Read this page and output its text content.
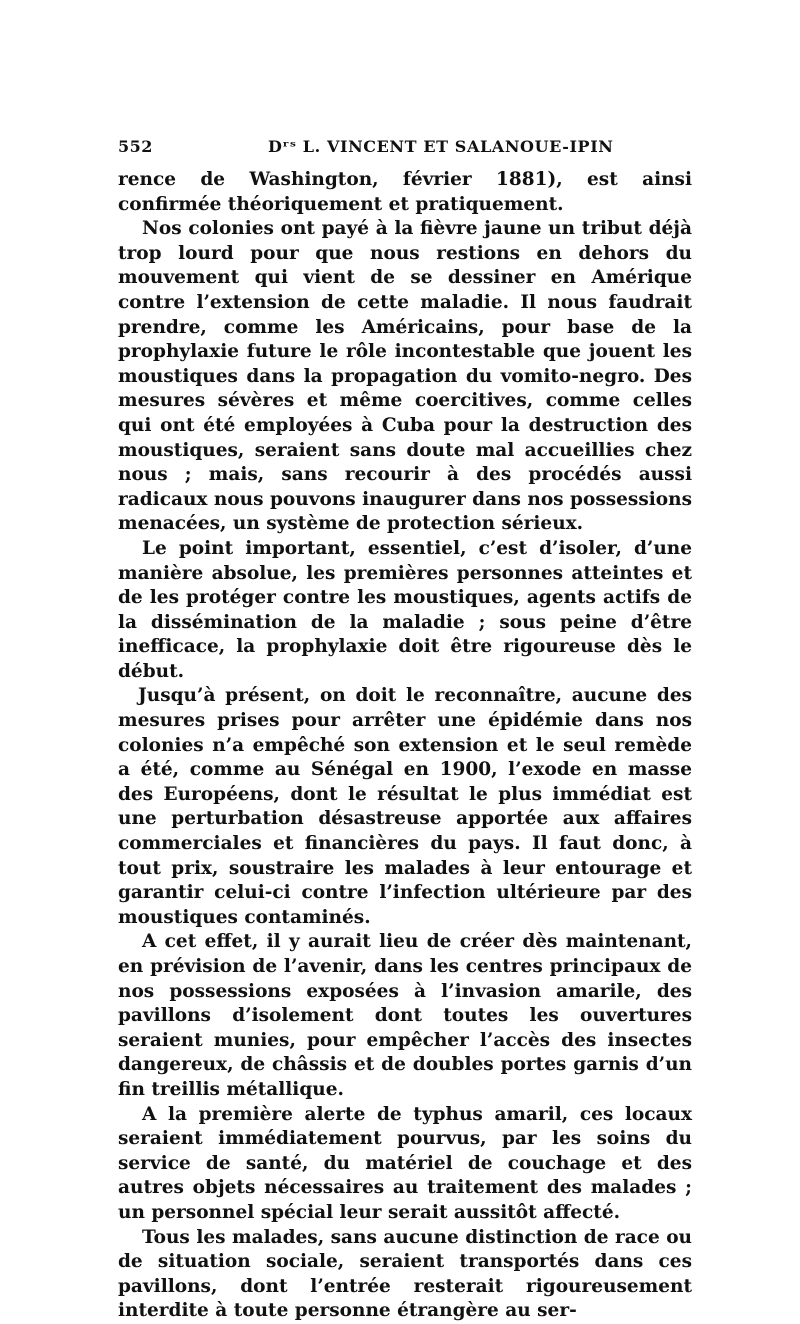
552	Dʳˢ L. VINCENT ET SALANOUE-IPIN

rence de Washington, février 1881), est ainsi confirmée théoriquement et pratiquement.

Nos colonies ont payé à la fièvre jaune un tribut déjà trop lourd pour que nous restions en dehors du mouvement qui vient de se dessiner en Amérique contre l’extension de cette maladie. Il nous faudrait prendre, comme les Américains, pour base de la prophylaxie future le rôle incontestable que jouent les moustiques dans la propagation du vomito-negro. Des mesures sévères et même coercitives, comme celles qui ont été employées à Cuba pour la destruction des moustiques, seraient sans doute mal accueillies chez nous ; mais, sans recourir à des procédés aussi radicaux nous pouvons inaugurer dans nos possessions menacées, un système de protection sérieux.

Le point important, essentiel, c’est d’isoler, d’une manière absolue, les premières personnes atteintes et de les protéger contre les moustiques, agents actifs de la dissémination de la maladie ; sous peine d’être inefficace, la prophylaxie doit être rigoureuse dès le début.

Jusqu’à présent, on doit le reconnaître, aucune des mesures prises pour arrêter une épidémie dans nos colonies n’a empêché son extension et le seul remède a été, comme au Sénégal en 1900, l’exode en masse des Européens, dont le résultat le plus immédiat est une perturbation désastreuse apportée aux affaires commerciales et financières du pays. Il faut donc, à tout prix, soustraire les malades à leur entourage et garantir celui-ci contre l’infection ultérieure par des moustiques contaminés.

A cet effet, il y aurait lieu de créer dès maintenant, en prévision de l’avenir, dans les centres principaux de nos possessions exposées à l’invasion amarile, des pavillons d’isolement dont toutes les ouvertures seraient munies, pour empêcher l’accès des insectes dangereux, de châssis et de doubles portes garnis d’un fin treillis métallique.

A la première alerte de typhus amaril, ces locaux seraient immédiatement pourvus, par les soins du service de santé, du matériel de couchage et des autres objets nécessaires au traitement des malades ; un personnel spécial leur serait aussitôt affecté.

Tous les malades, sans aucune distinction de race ou de situation sociale, seraient transportés dans ces pavillons, dont l’entrée resterait rigoureusement interdite à toute personne étrangère au ser-
